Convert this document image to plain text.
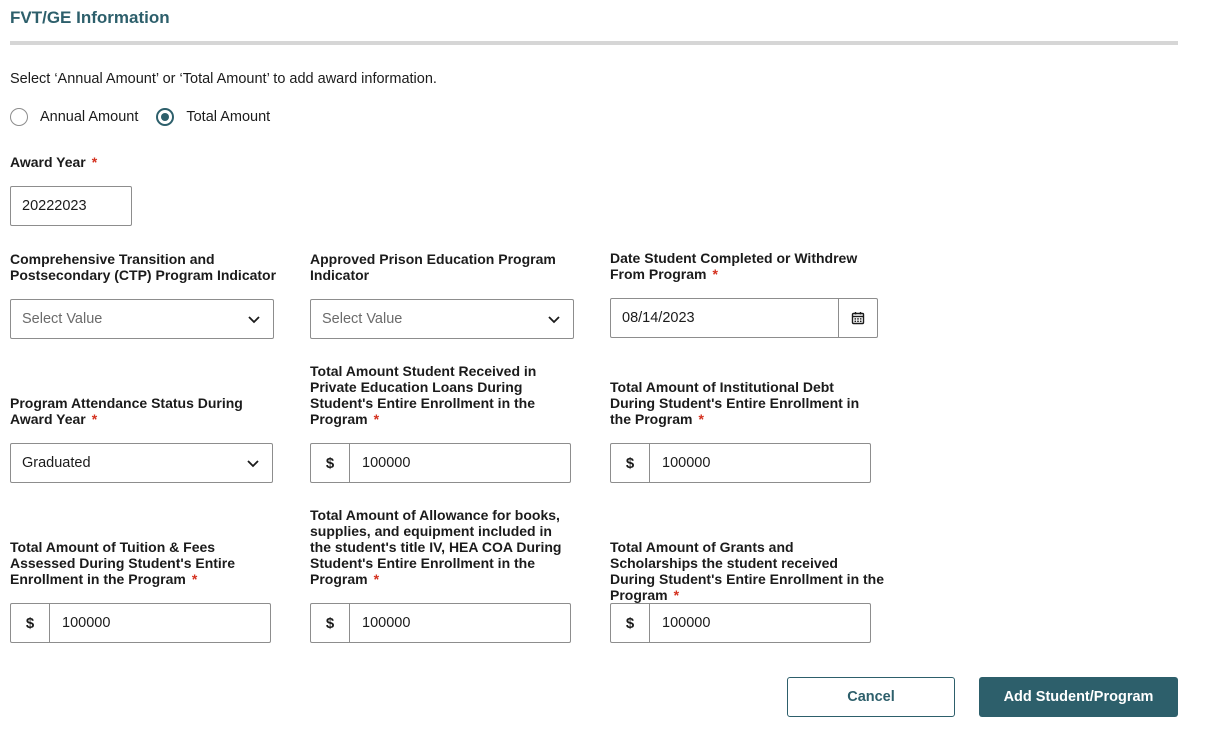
FVT/GE Information
Select ‘Annual Amount’ or ‘Total Amount’ to add award information.
Annual Amount	Total Amount
Award Year *
20222023
Comprehensive Transition and Postsecondary (CTP) Program Indicator
Select Value
Approved Prison Education Program Indicator
Select Value
Date Student Completed or Withdrew From Program *
08/14/2023
Program Attendance Status During Award Year *
Graduated
Total Amount Student Received in Private Education Loans During Student's Entire Enrollment in the Program *
$	100000
Total Amount of Institutional Debt During Student's Entire Enrollment in the Program *
$	100000
Total Amount of Tuition & Fees Assessed During Student's Entire Enrollment in the Program *
$	100000
Total Amount of Allowance for books, supplies, and equipment included in the student's title IV, HEA COA During Student's Entire Enrollment in the Program *
$	100000
Total Amount of Grants and Scholarships the student received During Student's Entire Enrollment in the Program *
$	100000
Cancel	Add Student/Program
